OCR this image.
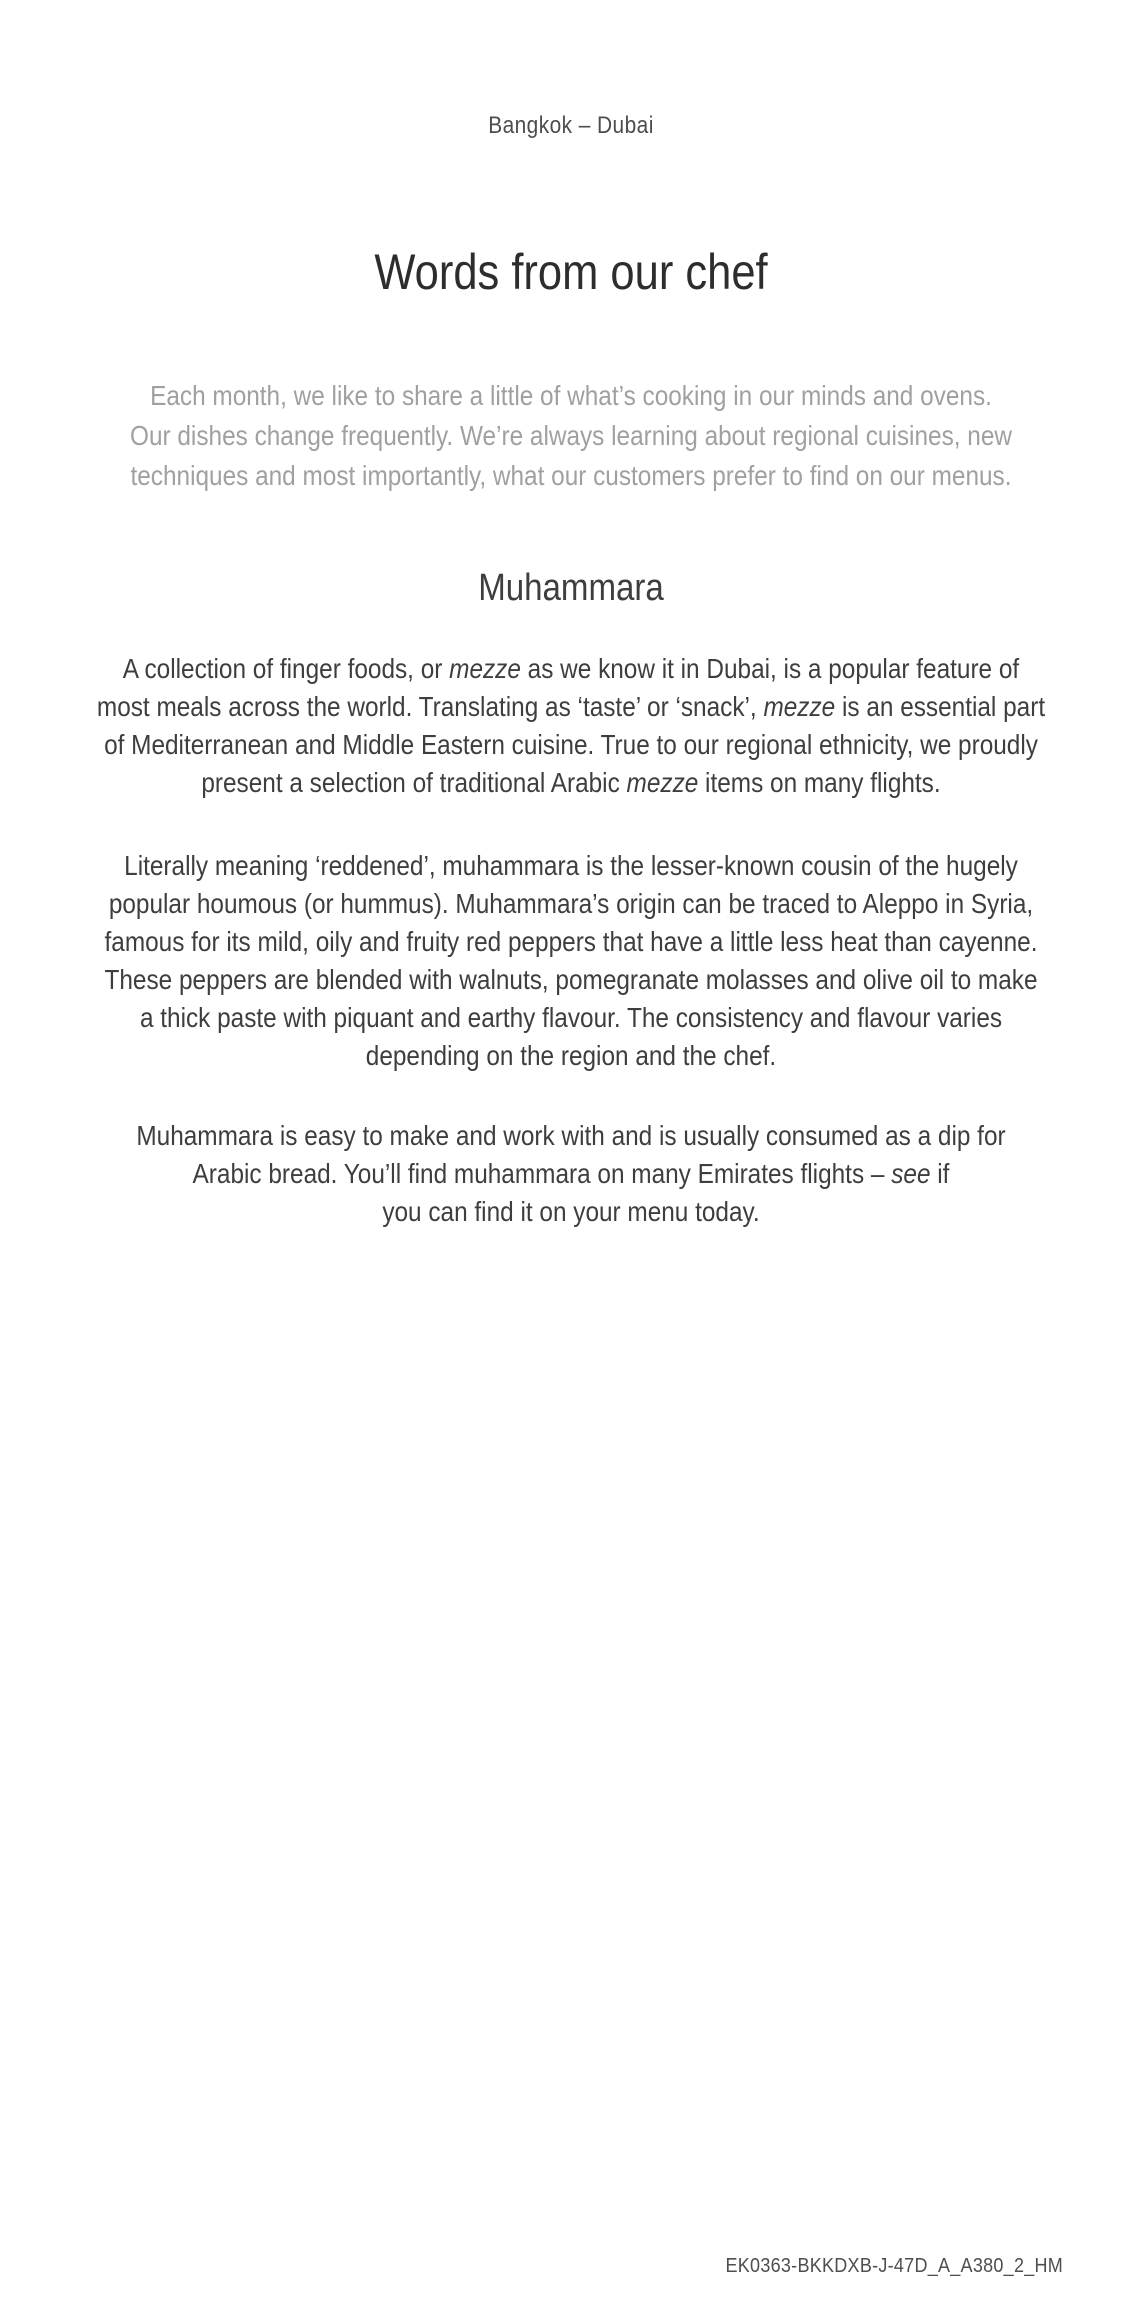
Bangkok – Dubai
Words from our chef
Each month, we like to share a little of what’s cooking in our minds and ovens.
Our dishes change frequently. We’re always learning about regional cuisines, new
techniques and most importantly, what our customers prefer to find on our menus.
Muhammara
A collection of finger foods, or mezze as we know it in Dubai, is a popular feature of
most meals across the world. Translating as ‘taste’ or ‘snack’, mezze is an essential part
of Mediterranean and Middle Eastern cuisine. True to our regional ethnicity, we proudly
present a selection of traditional Arabic mezze items on many flights.
Literally meaning ‘reddened’, muhammara is the lesser-known cousin of the hugely
popular houmous (or hummus). Muhammara’s origin can be traced to Aleppo in Syria,
famous for its mild, oily and fruity red peppers that have a little less heat than cayenne.
These peppers are blended with walnuts, pomegranate molasses and olive oil to make
a thick paste with piquant and earthy flavour. The consistency and flavour varies
depending on the region and the chef.
Muhammara is easy to make and work with and is usually consumed as a dip for
Arabic bread. You’ll find muhammara on many Emirates flights – see if
you can find it on your menu today.
EK0363-BKKDXB-J-47D_A_A380_2_HM
